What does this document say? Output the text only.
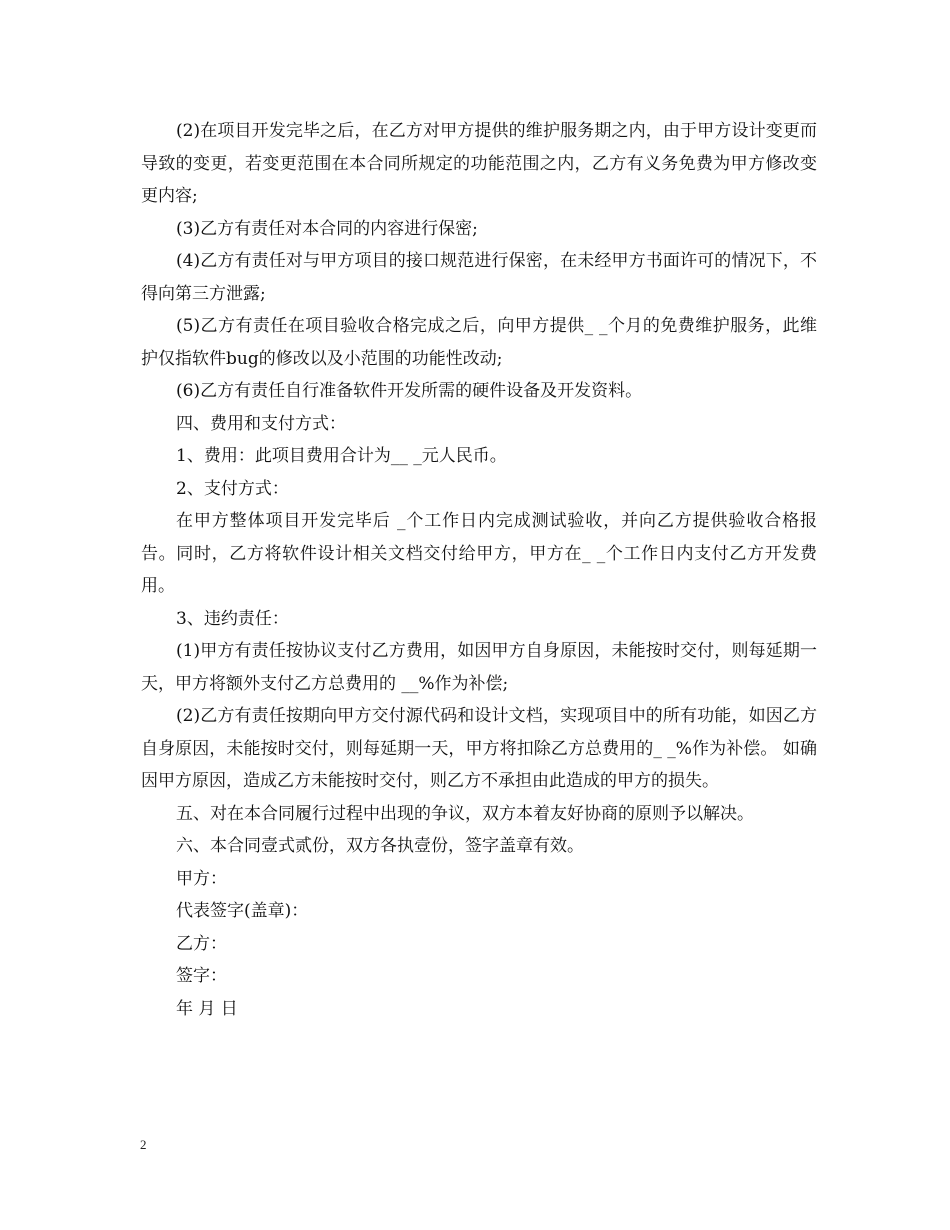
(2)在项目开发完毕之后，在乙方对甲方提供的维护服务期之内，由于甲方设计变更而导致的变更，若变更范围在本合同所规定的功能范围之内，乙方有义务免费为甲方修改变更内容;

(3)乙方有责任对本合同的内容进行保密;

(4)乙方有责任对与甲方项目的接口规范进行保密，在未经甲方书面许可的情况下，不得向第三方泄露;

(5)乙方有责任在项目验收合格完成之后，向甲方提供_ _个月的免费维护服务，此维护仅指软件bug的修改以及小范围的功能性改动;

(6)乙方有责任自行准备软件开发所需的硬件设备及开发资料。

四、费用和支付方式：

1、费用：此项目费用合计为__ _元人民币。

2、支付方式：

在甲方整体项目开发完毕后 _个工作日内完成测试验收，并向乙方提供验收合格报告。同时，乙方将软件设计相关文档交付给甲方，甲方在_ _个工作日内支付乙方开发费用。

3、违约责任：

(1)甲方有责任按协议支付乙方费用，如因甲方自身原因，未能按时交付，则每延期一天，甲方将额外支付乙方总费用的 __%作为补偿;

(2)乙方有责任按期向甲方交付源代码和设计文档，实现项目中的所有功能，如因乙方自身原因，未能按时交付，则每延期一天，甲方将扣除乙方总费用的_ _%作为补偿。 如确因甲方原因，造成乙方未能按时交付，则乙方不承担由此造成的甲方的损失。

五、对在本合同履行过程中出现的争议，双方本着友好协商的原则予以解决。

六、本合同壹式贰份，双方各执壹份，签字盖章有效。

甲方：

代表签字(盖章)：

乙方：

签字：

年 月 日

2
